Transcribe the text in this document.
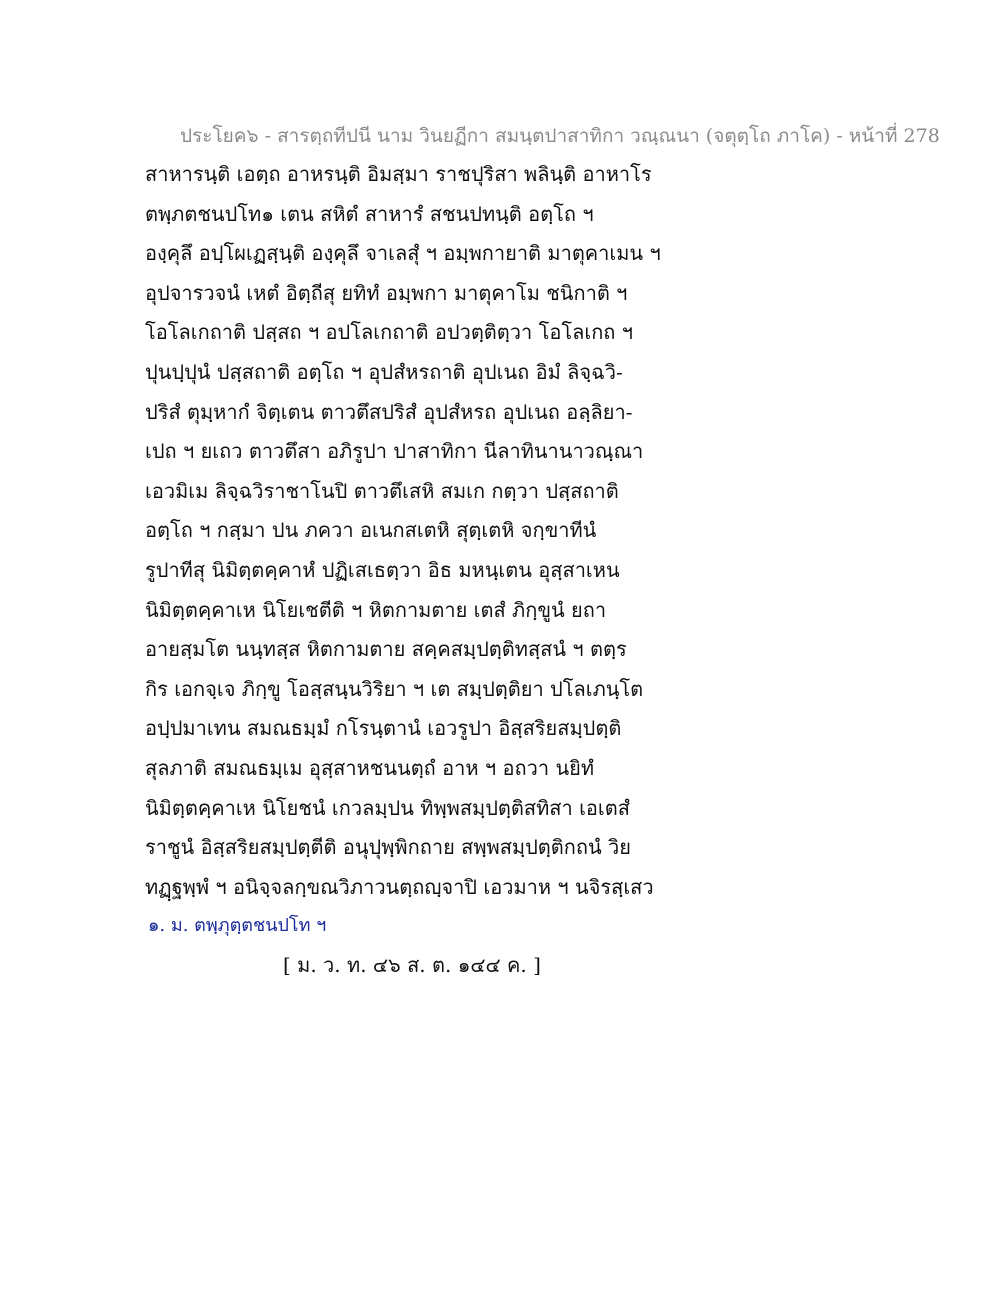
ประโยค๖ - สารตฺถทีปนี นาม วินยฏีกา สมนฺตปาสาทิกา วณฺณนา (จตุตฺโถ ภาโค) - หน้าที่ 278
สาหารนฺติ เอตฺถ อาหรนฺติ อิมสฺมา ราชปุริสา พลินฺติ อาหาโร
ตพฺภตชนปโท๑ เตน สหิตํ สาหารํ สชนปทนฺติ อตฺโถ ฯ
องฺคุลึ อปฺโผเฏสฺนฺติ องฺคุลึ จาเลสุํ ฯ อมฺพกายาติ มาตุคาเมน ฯ
อุปจารวจนํ เหตํ อิตฺถีสุ ยทิทํ อมฺพกา มาตุคาโม ชนิกาติ ฯ
โอโลเกถาติ ปสฺสถ ฯ อปโลเกถาติ อปวตฺติตฺวา โอโลเกถ ฯ
ปุนปฺปุนํ ปสฺสถาติ อตฺโถ ฯ อุปสํหรถาติ อุปเนถ อิมํ ลิจฺฉวิ-
ปริสํ ตุมฺหากํ จิตฺเตน ตาวตึสปริสํ อุปสํหรถ อุปเนถ อลฺลิยา-
เปถ ฯ ยเถว ตาวตึสา อภิรูปา ปาสาทิกา นีลาทินานาวณฺณา
เอวมิเม ลิจฺฉวิราชาโนปิ ตาวตึเสหิ สมเก กตฺวา ปสฺสถาติ
อตฺโถ ฯ กสฺมา ปน ภควา อเนกสเตหิ สุตฺเตหิ จกฺขาทีนํ
รูปาทีสุ นิมิตฺตคฺคาหํ ปฏิเสเธตฺวา อิธ มหนฺเตน อุสฺสาเหน
นิมิตฺตคฺคาเห นิโยเชตีติ ฯ หิตกามตาย เตสํ ภิกฺขูนํ ยถา
อายสฺมโต นนฺทสฺส หิตกามตาย สคฺคสมฺปตฺติทสฺสนํ ฯ ตตฺร
กิร เอกจฺเจ ภิกฺขู โอสฺสนฺนวิริยา ฯ เต สมฺปตฺติยา ปโลเภนฺโต
อปฺปมาเทน สมณธมฺมํ กโรนฺตานํ เอวรูปา อิสฺสริยสมฺปตฺติ
สุลภาติ สมณธมฺเม อุสฺสาหชนนตฺถํ อาห ฯ อถวา นยิทํ
นิมิตฺตคฺคาเห นิโยชนํ เกวลมฺปน ทิพฺพสมฺปตฺติสทิสา เอเตสํ
ราชูนํ อิสฺสริยสมฺปตฺตีติ อนุปุพฺพิกถาย สพฺพสมฺปตฺติกถนํ วิย
ทฏฺฐพฺพํ ฯ อนิจฺจลกฺขณวิภาวนตฺถญฺจาปิ เอวมาห ฯ นจิรสฺเสว
๑. ม. ตพฺภุตฺตชนปโท ฯ
[ ม. ว. ท. ๔๖ ส. ต. ๑๔๔ ค. ]
